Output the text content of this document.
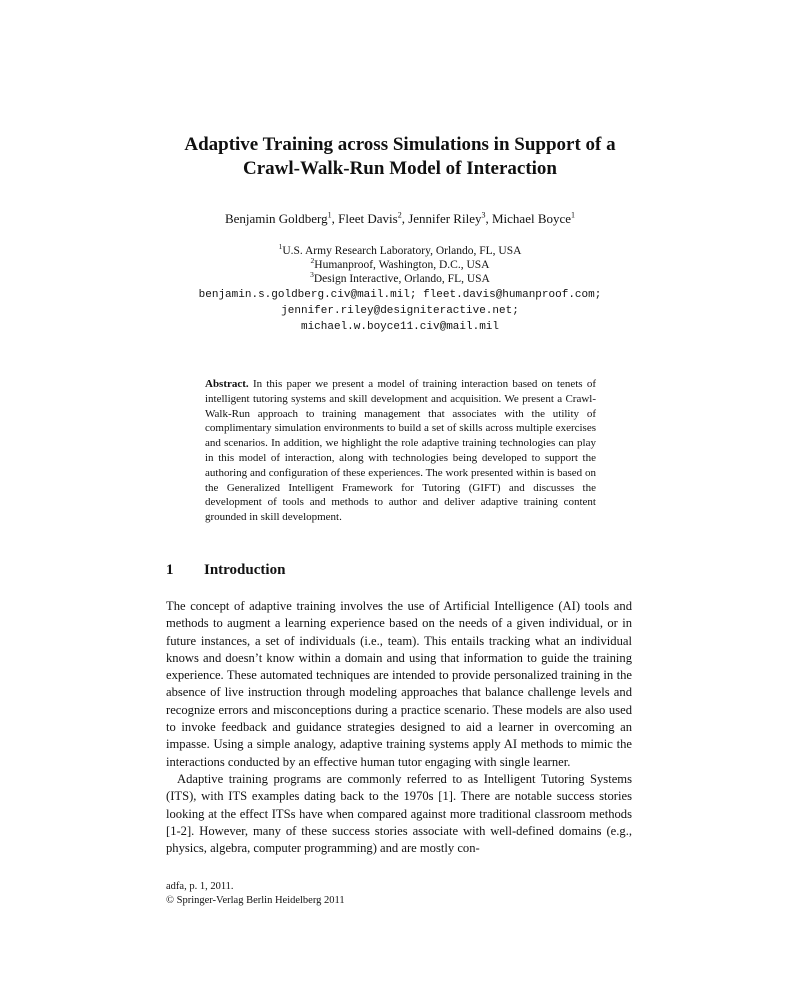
Adaptive Training across Simulations in Support of a
Crawl-Walk-Run Model of Interaction
Benjamin Goldberg$^1$, Fleet Davis$^2$, Jennifer Riley$^3$, Michael Boyce$^1$
$^1$U.S. Army Research Laboratory, Orlando, FL, USA
$^2$Humanproof, Washington, D.C., USA
$^3$Design Interactive, Orlando, FL, USA
benjamin.s.goldberg.civ@mail.mil; fleet.davis@humanproof.com;
jennifer.riley@designiteractive.net;
michael.w.boyce11.civ@mail.mil
Abstract. In this paper we present a model of training interaction based on tenets of intelligent tutoring systems and skill development and acquisition. We present a Crawl-Walk-Run approach to training management that associates with the utility of complimentary simulation environments to build a set of skills across multiple exercises and scenarios. In addition, we highlight the role adaptive training technologies can play in this model of interaction, along with technologies being developed to support the authoring and configuration of these experiences. The work presented within is based on the Generalized Intelligent Framework for Tutoring (GIFT) and discusses the development of tools and methods to author and deliver adaptive training content grounded in skill development.
1 Introduction

The concept of adaptive training involves the use of Artificial Intelligence (AI) tools and methods to augment a learning experience based on the needs of a given individual, or in future instances, a set of individuals (i.e., team). This entails tracking what an individual knows and doesn’t know within a domain and using that information to guide the training experience. These automated techniques are intended to provide personalized training in the absence of live instruction through modeling approaches that balance challenge levels and recognize errors and misconceptions during a practice scenario. These models are also used to invoke feedback and guidance strategies designed to aid a learner in overcoming an impasse. Using a simple analogy, adaptive training systems apply AI methods to mimic the interactions conducted by an effective human tutor engaging with single learner.

Adaptive training programs are commonly referred to as Intelligent Tutoring Systems (ITS), with ITS examples dating back to the 1970s [1]. There are notable success stories looking at the effect ITSs have when compared against more traditional classroom methods [1-2]. However, many of these success stories associate with well-defined domains (e.g., physics, algebra, computer programming) and are mostly con-

adfa, p. 1, 2011.
© Springer-Verlag Berlin Heidelberg 2011
